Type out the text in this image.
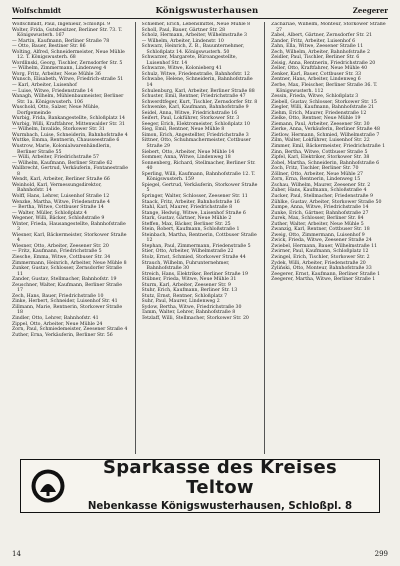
Wolfschmidt	Königswusterhausen	Zeegerer
Wolfschmidt, Paul, Ingenieur, Schloßpl. 9
Wolter, Frida, Gutsbesitzer, Berliner Str. 73. T. Königswusterh. 167
— Martin, Kaufmann, Berliner Straße 78
— Otto, Bauer, Bestiner Str. 86
Wolting, Alfred, Schneidermeister, Neue Mühle 12. T. Königswusterh. 68
Wordlinski, Georg, Tischler, Zernsdorfer Str. 5
— Wilhelm, Zimmermann, Lindenweg 4
Worg, Fritz, Arbeiter, Neue Mühle 36
Wunsch, Elisabeth, Witwe, Friedrich-straße 51
— Karl, Arbeiter, Luisenhof
— Luise, Witwe, Friedenstraße 14
Wanagh, Wilhelm, Mühlenbaumeister, Berliner Str. 1a. Königswusterh. 106
Wuschold, Otto, Salzer, Neue Mühle, Dorfgemeinde
Wurbig, Frida, Bankangestellte, Schloßplatz 14
Wurbig, Willi, Kraftfahrer, Mittenwalder Str. 31
— Wilhelm, Invalide, Storkower Str. 31
Wurmbach, Luise, Schneiderin, Bahnhofstraße 4
Wuttke, Emma, Rentnerin, Chausseestraße 6
Wustrow, Marie, Kolonialwarenhändlerin, Berliner Straße 55
— Willi, Arbeiter, Friedrichstraße 57
— Wilhelm, Kaufmann, Berliner Straße 62
Wallbrecht, Gertrud, Verkäuferin, Fontanestraße 8
Wendt, Karl, Arbeiter, Berliner Straße 66
Weinhold, Karl, Vermessungsdirektor, Bahnhofstr. 14
Wolff, Hans, Lehrer, Luisenhof Straße 12
Wenzke, Martha, Witwe, Friedenstraße 4
— Bertha, Witwe, Cottbuser Straße 14
— Walter, Müller, Schloßplatz 4
Wegener, Willi, Bäcker, Schloßstraße 9
Winter, Frieda, Hausangestellte, Bahnhofstraße 3
Wiesner, Karl, Bäckermeister, Storkower Straße 4
Wiesner, Otto, Arbeiter, Zeesener Str. 20
— Fritz, Kaufmann, Friedrichstraße 5
Ziesche, Emma, Witwe, Cottbuser Str. 34
Zimmermann, Heinrich, Arbeiter, Neue Mühle 8
Zunker, Gustav, Schlosser, Zernsdorfer Straße 11
Zander, Gustav, Stellmacher, Bahnhofstr. 19
Zeuschner, Walter, Kaufmann, Berliner Straße 17
Zech, Hans, Bauer, Friedrichstraße 10
Zinke, Herbert, Schneider, Luisenhof Str. 41
Zillmann, Marie, Rentnerin, Storkower Straße 18
Zindler, Otto, Lehrer, Bahnhofstr. 41
Zippel, Otto, Arbeiter, Neue Mühle 24
Zorn, Paul, Schmiedemeister, Zeesener Straße 4
Zuther, Erna, Verkäuferin, Berliner Str. 56
Schiemer, Erich, Lebensmittel, Neue Mühle 8
Scholl, Paul, Bauer, Gärtner Str. 28
Scholz, Hermann, Arbeiter, Wilhelmstraße 3
— Wilhelm, Arbeiter, Lindenstr. 10
Schwarz, Heinrich, Z. B., Bauunternehmer, Schloßplatz 14. Königswusterh. 50
Schwarzer, Margarete, Büroangestellte, Luisenhof Str. 14
Schwarze, Witwe, Kolonieberg 41
Schulz, Witwe, Friedenstraße, Bahnhofstr. 12
Schwabe, Helene, Schneiderin, Bahnhofstraße 14
Schulenburg, Karl, Arbeiter, Berliner Straße 88
Schuster, Emil, Rentner, Friedrichstraße 47
Schwerdtfeger, Kurt, Tischler, Zernsdorfer Str. 8
Schwenke, Karl, Kaufmann, Bahnhofstraße 9
Seidel, Anna, Witwe, Friedrichstraße 16
Seifert, Paul, Lokführer, Storkower Str. 3
Seeger, Erich, Elektromeister, Schloßplatz 10
Sieg, Emil, Rentner, Neue Mühle 8
Simon, Erich, Angestellter, Friedrichstraße 3
Sittner, Otto, Schuhmachermeister, Cottbuser Straße 29
Siebert, Otto, Arbeiter, Neue Mühle 14
Sommer, Anna, Witwe, Lindenweg 18
Sonnenberg, Richard, Stellmacher, Berliner Str. 40
Sperling, Willi, Kaufmann, Bahnhofstraße 12. T. Königswusterh. 159
Spiegel, Gertrud, Verkäuferin, Storkower Straße 5
Springer, Walter, Schlosser, Zeesener Str. 11
Staack, Fritz, Arbeiter, Bahnhofstraße 16
Stahl, Karl, Maurer, Friedrichstraße 8
Stange, Hedwig, Witwe, Luisenhof Straße 6
Stark, Gustav, Gärtner, Neue Mühle 2
Steffen, Max, Bäcker, Berliner Str. 25
Stein, Robert, Kaufmann, Schloßstraße 1
Steinbach, Martha, Rentnerin, Cottbuser Straße 12
Stephan, Paul, Zimmermann, Friedenstraße 5
Stier, Otto, Arbeiter, Wilhelmstraße 22
Stolz, Ernst, Schmied, Storkower Straße 44
Strauch, Wilhelm, Fuhrunternehmer, Bahnhofstraße 30
Streich, Hans, Elektriker, Berliner Straße 19
Stübner, Frieda, Witwe, Neue Mühle 31
Sturm, Karl, Arbeiter, Zeesener Str. 9
Stuhr, Erich, Kaufmann, Berliner Str. 13
Stutz, Ernst, Rentner, Schloßplatz 7
Suhr, Paul, Maurer, Lindenweg 2
Sydow, Bertha, Witwe, Friedrichstraße 30
Tamm, Walter, Lehrer, Bahnhofstraße 8
Tetzlaff, Willi, Stellmacher, Storkower Str. 20
Zachariae, Wilhelm, Monteur, Storkower Straße 27
Zabel, Albert, Gärtner, Zernsdorfer Str. 21
Zander, Fritz, Arbeiter, Luisenhof 6
Zahn, Ella, Witwe, Zeesener Straße 11
Zech, Wilhelm, Arbeiter, Bahnhofstraße 2
Zeidler, Paul, Tischler, Berliner Str. 6
Zeisig, Anna, Rentnerin, Friedrichstraße 20
Zeller, Otto, Kraftfahrer, Neue Mühle 40
Zenker, Karl, Bauer, Cottbuser Str. 33
Zentner, Hans, Arbeiter, Lindenweg 6
Zerbe, Max, Fleischer, Berliner Straße 36. T. Königswusterh. 112
Zessin, Frieda, Witwe, Schloßplatz 3
Ziebell, Gustav, Schlosser, Storkower Str. 15
Ziegler, Willi, Kaufmann, Bahnhofstraße 21
Ziehm, Erich, Maurer, Friedenstraße 12
Zielke, Otto, Rentner, Neue Mühle 19
Ziemann, Paul, Arbeiter, Zeesener Str. 30
Zierke, Anna, Verkäuferin, Berliner Straße 48
Zietlow, Hermann, Schmied, Wilhelmstraße 7
Zilm, Walter, Lokführer, Luisenhof Str. 22
Zimmer, Emil, Bäckermeister, Friedrichstraße 1
Zinn, Bertha, Witwe, Cottbuser Straße 5
Zipfel, Karl, Elektriker, Storkower Str. 38
Zobel, Martha, Schneiderin, Bahnhofstraße 6
Zoch, Fritz, Tischler, Berliner Str. 70
Zöllner, Otto, Arbeiter, Neue Mühle 27
Zorn, Erna, Rentnerin, Lindenweg 15
Zschau, Wilhelm, Maurer, Zeesener Str. 2
Zuber, Hans, Kaufmann, Schloßstraße 4
Zucker, Paul, Stellmacher, Friedenstraße 9
Zühlke, Gustav, Arbeiter, Storkower Straße 50
Zumpe, Anna, Witwe, Friedrichstraße 14
Zunke, Erich, Gärtner, Bahnhofstraße 27
Zurek, Max, Schlosser, Berliner Str. 84
Zuther, Walter, Arbeiter, Neue Mühle 5
Zwanzig, Karl, Rentner, Cottbuser Str. 18
Zweig, Otto, Zimmermann, Luisenhof 9
Zwick, Frieda, Witwe, Zeesener Straße 24
Zwiebel, Hermann, Bauer, Wilhelmstraße 11
Zwirner, Paul, Kaufmann, Schloßplatz 12
Zwingel, Erich, Tischler, Storkower Str. 2
Zydek, Willi, Arbeiter, Friedenstraße 20
Zyliński, Otto, Monteur, Bahnhofstraße 33
Zeegerer, Ernst, Kaufmann, Berliner Straße 1
Zeegerer, Martha, Witwe, Berliner Straße 1
Sparkasse des Kreises Teltow
Nebenkasse Königswusterhausen, Schloßpl. 8
14	299
